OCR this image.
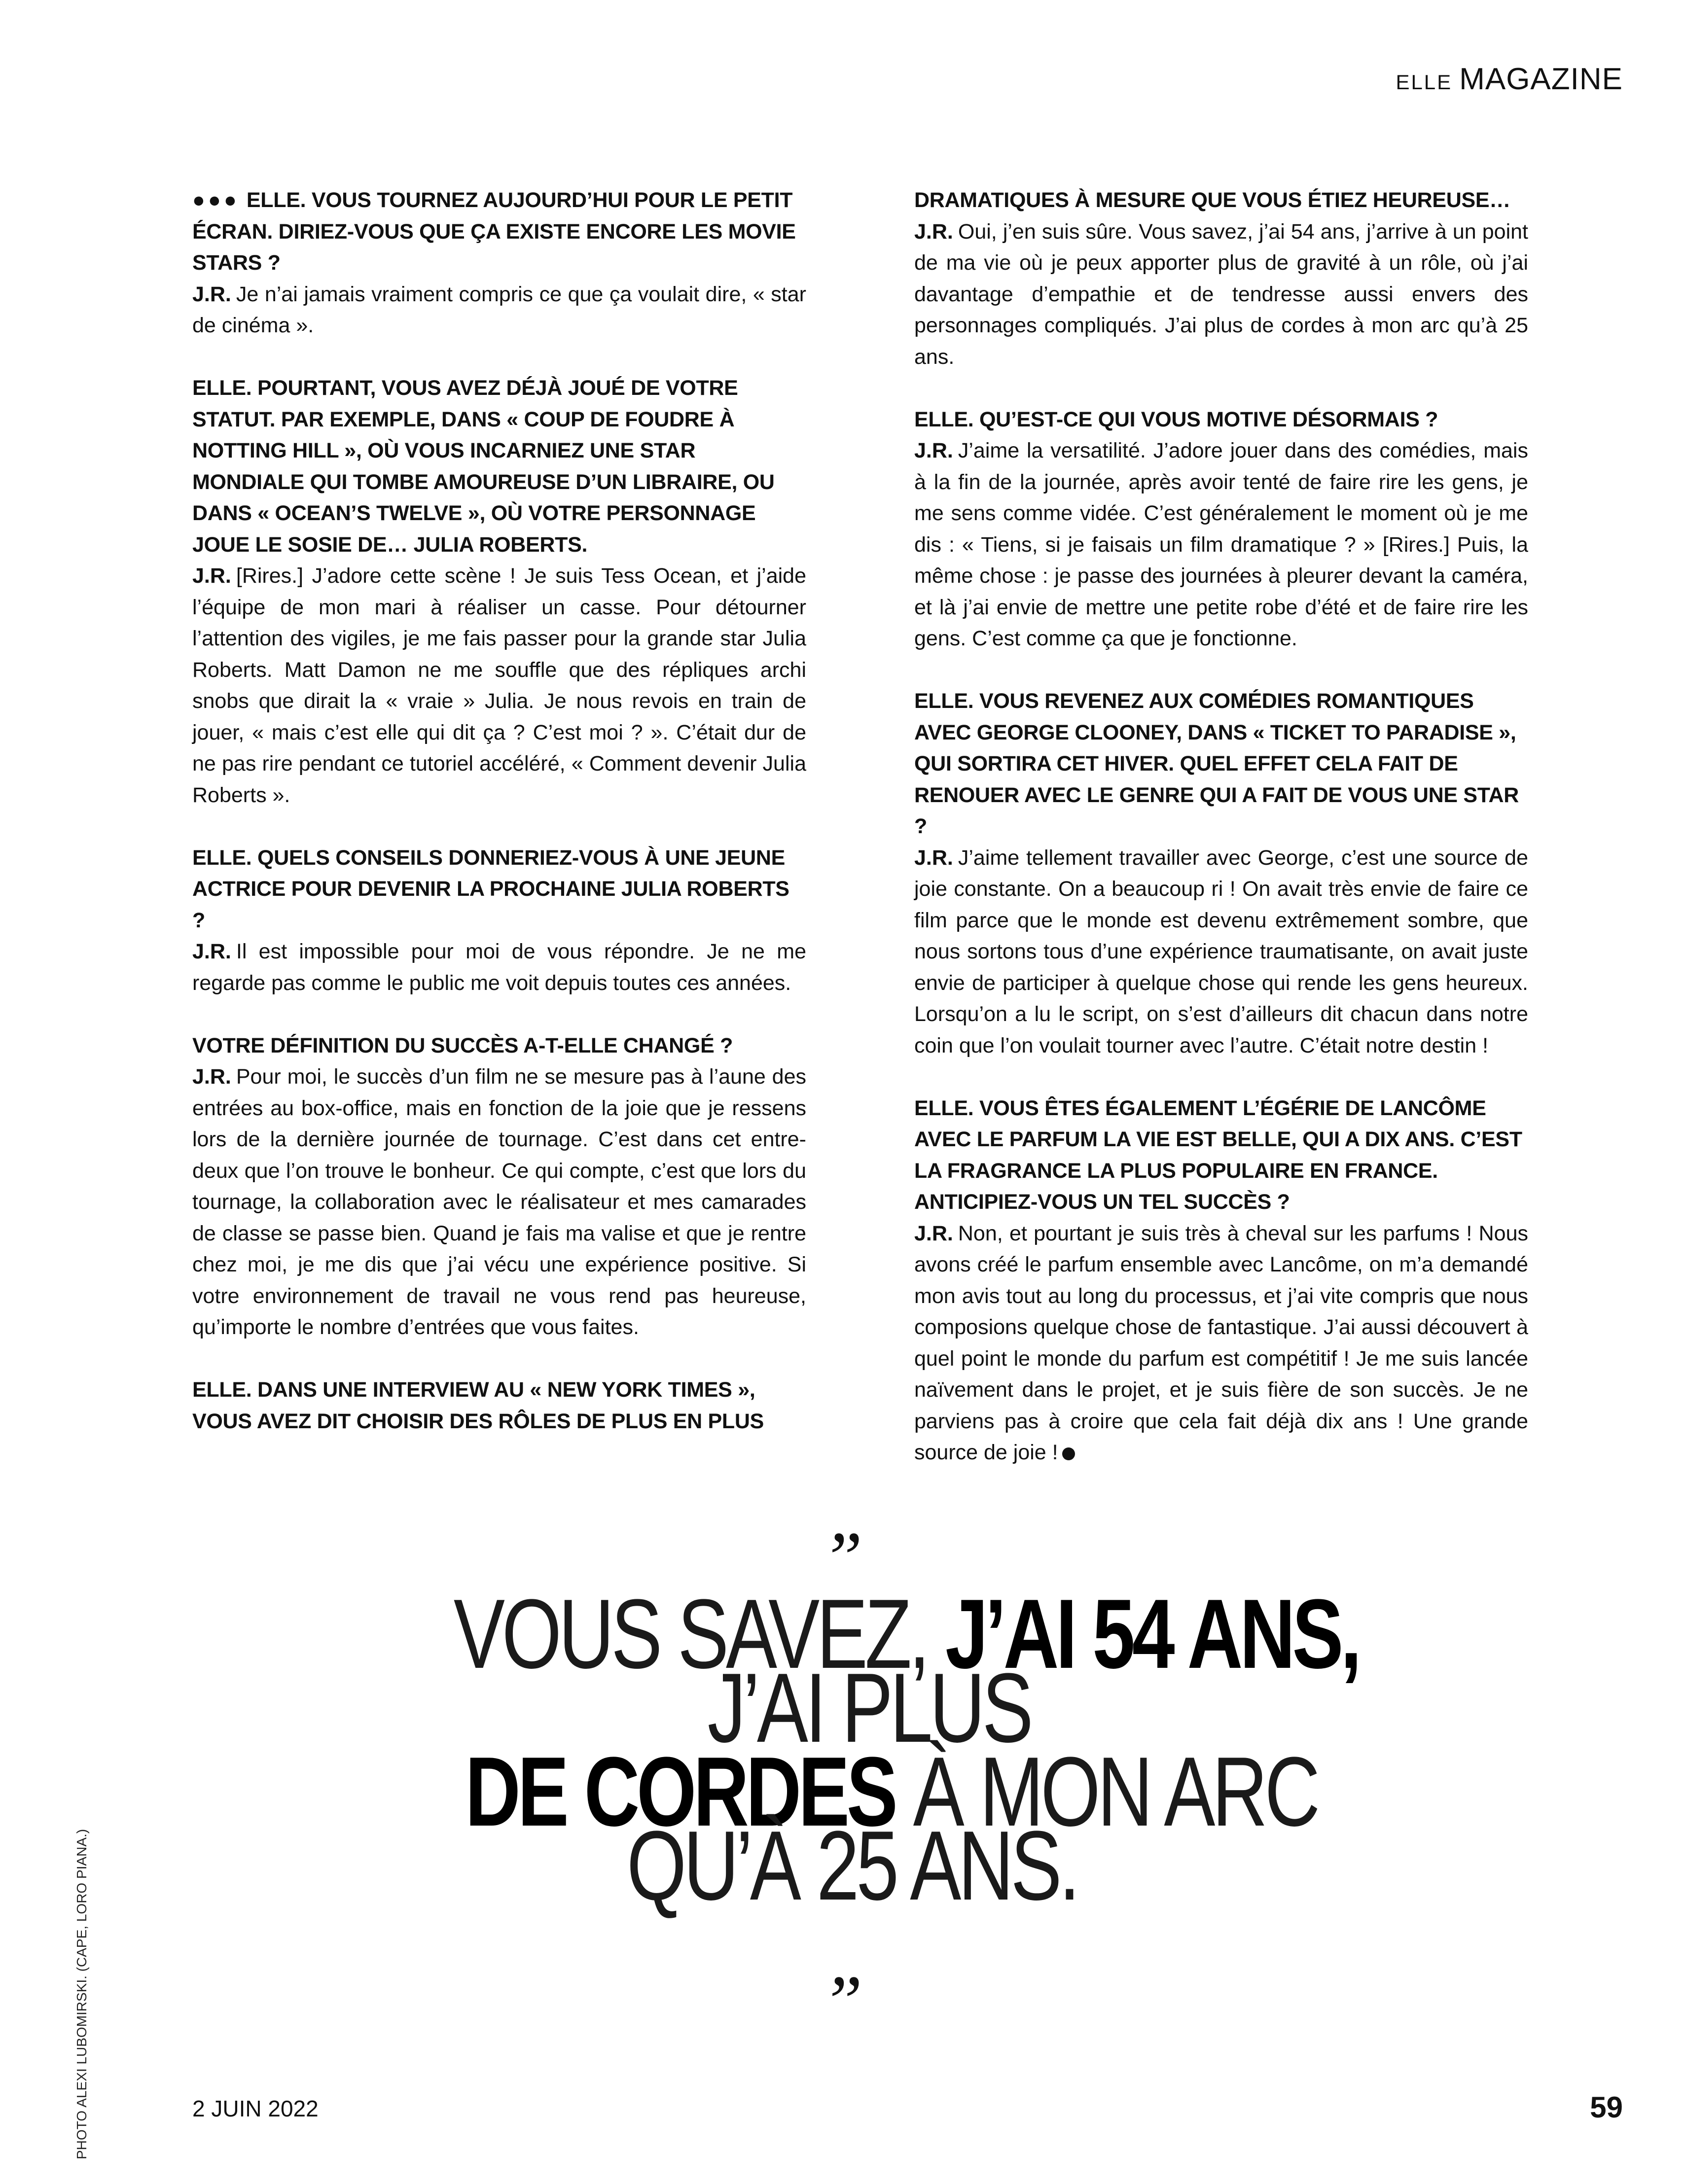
ELLE MAGAZINE
●●● ELLE. VOUS TOURNEZ AUJOURD’HUI POUR LE PETIT ÉCRAN. DIRIEZ-VOUS QUE ÇA EXISTE ENCORE LES MOVIE STARS ?
J.R. Je n’ai jamais vraiment compris ce que ça voulait dire, « star de cinéma ».
ELLE. POURTANT, VOUS AVEZ DÉJÀ JOUÉ DE VOTRE STATUT. PAR EXEMPLE, DANS « COUP DE FOUDRE À NOTTING HILL », OÙ VOUS INCARNIEZ UNE STAR MONDIALE QUI TOMBE AMOUREUSE D’UN LIBRAIRE, OU DANS « OCEAN’S TWELVE », OÙ VOTRE PERSONNAGE JOUE LE SOSIE DE… JULIA ROBERTS.
J.R. [Rires.] J’adore cette scène ! Je suis Tess Ocean, et j’aide l’équipe de mon mari à réaliser un casse. Pour détourner l’attention des vigiles, je me fais passer pour la grande star Julia Roberts. Matt Damon ne me souffle que des répliques archi snobs que dirait la « vraie » Julia. Je nous revois en train de jouer, « mais c’est elle qui dit ça ? C’est moi ? ». C’était dur de ne pas rire pendant ce tutoriel accéléré, « Comment devenir Julia Roberts ».
ELLE. QUELS CONSEILS DONNERIEZ-VOUS À UNE JEUNE ACTRICE POUR DEVENIR LA PROCHAINE JULIA ROBERTS ?
J.R. Il est impossible pour moi de vous répondre. Je ne me regarde pas comme le public me voit depuis toutes ces années.
VOTRE DÉFINITION DU SUCCÈS A-T-ELLE CHANGÉ ?
J.R. Pour moi, le succès d’un film ne se mesure pas à l’aune des entrées au box-office, mais en fonction de la joie que je ressens lors de la dernière journée de tournage. C’est dans cet entre-deux que l’on trouve le bonheur. Ce qui compte, c’est que lors du tournage, la collaboration avec le réalisateur et mes camarades de classe se passe bien. Quand je fais ma valise et que je rentre chez moi, je me dis que j’ai vécu une expérience positive. Si votre environnement de travail ne vous rend pas heureuse, qu’importe le nombre d’entrées que vous faites.
ELLE. DANS UNE INTERVIEW AU « NEW YORK TIMES », VOUS AVEZ DIT CHOISIR DES RÔLES DE PLUS EN PLUS
DRAMATIQUES À MESURE QUE VOUS ÉTIEZ HEUREUSE…
J.R. Oui, j’en suis sûre. Vous savez, j’ai 54 ans, j’arrive à un point de ma vie où je peux apporter plus de gravité à un rôle, où j’ai davantage d’empathie et de tendresse aussi envers des personnages compliqués. J’ai plus de cordes à mon arc qu’à 25 ans.
ELLE. QU’EST-CE QUI VOUS MOTIVE DÉSORMAIS ?
J.R. J’aime la versatilité. J’adore jouer dans des comédies, mais à la fin de la journée, après avoir tenté de faire rire les gens, je me sens comme vidée. C’est généralement le moment où je me dis : « Tiens, si je faisais un film dramatique ? » [Rires.] Puis, la même chose : je passe des journées à pleurer devant la caméra, et là j’ai envie de mettre une petite robe d’été et de faire rire les gens. C’est comme ça que je fonctionne.
ELLE. VOUS REVENEZ AUX COMÉDIES ROMANTIQUES AVEC GEORGE CLOONEY, DANS « TICKET TO PARADISE », QUI SORTIRA CET HIVER. QUEL EFFET CELA FAIT DE RENOUER AVEC LE GENRE QUI A FAIT DE VOUS UNE STAR ?
J.R. J’aime tellement travailler avec George, c’est une source de joie constante. On a beaucoup ri ! On avait très envie de faire ce film parce que le monde est devenu extrêmement sombre, que nous sortons tous d’une expérience traumatisante, on avait juste envie de participer à quelque chose qui rende les gens heureux. Lorsqu’on a lu le script, on s’est d’ailleurs dit chacun dans notre coin que l’on voulait tourner avec l’autre. C’était notre destin !
ELLE. VOUS ÊTES ÉGALEMENT L’ÉGÉRIE DE LANCÔME AVEC LE PARFUM LA VIE EST BELLE, QUI A DIX ANS. C’EST LA FRAGRANCE LA PLUS POPULAIRE EN FRANCE. ANTICIPIEZ-VOUS UN TEL SUCCÈS ?
J.R. Non, et pourtant je suis très à cheval sur les parfums ! Nous avons créé le parfum ensemble avec Lancôme, on m’a demandé mon avis tout au long du processus, et j’ai vite compris que nous composions quelque chose de fantastique. J’ai aussi découvert à quel point le monde du parfum est compétitif ! Je me suis lancée naïvement dans le projet, et je suis fière de son succès. Je ne parviens pas à croire que cela fait déjà dix ans ! Une grande source de joie !
”
VOUS SAVEZ, J’AI 54 ANS,
J’AI PLUS
DE CORDES À MON ARC
QU’À 25 ANS.
”
PHOTO ALEXI LUBOMIRSKI. (CAPE, LORO PIANA.)	2 JUIN 2022	59
